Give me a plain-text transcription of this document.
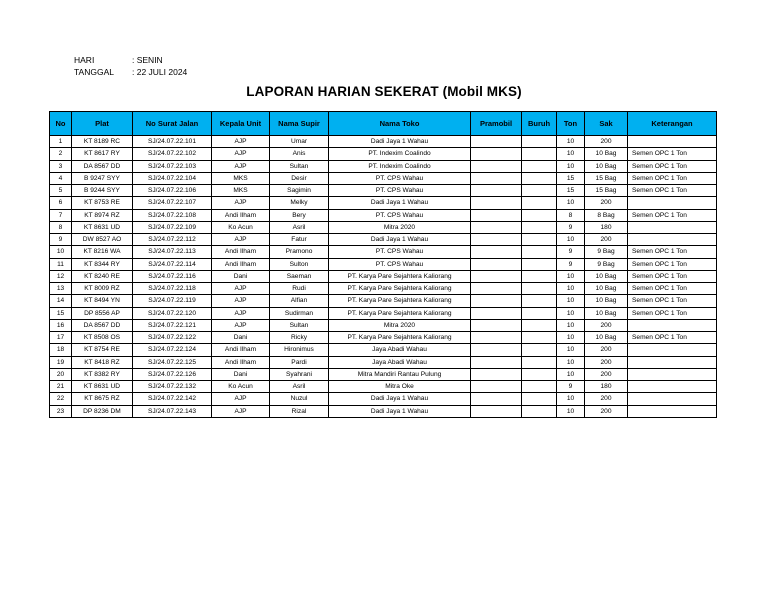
HARI	: SENIN
TANGGAL	: 22 JULI 2024
LAPORAN HARIAN SEKERAT (Mobil MKS)
No	Plat	No Surat Jalan	Kepala Unit	Nama Supir	Nama Toko	Pramobil	Buruh	Ton	Sak	Keterangan
1	KT 8189 RC	SJ/24.07.22.101	AJP	Umar	Dadi Jaya 1 Wahau			10	200	
2	KT 8617 RY	SJ/24.07.22.102	AJP	Anis	PT. Indexim Coalindo			10	10 Bag	Semen OPC 1 Ton
3	DA 8567 DD	SJ/24.07.22.103	AJP	Sultan	PT. Indexim Coalindo			10	10 Bag	Semen OPC 1 Ton
4	B 9247 SYY	SJ/24.07.22.104	MKS	Desir	PT. CPS Wahau			15	15 Bag	Semen OPC 1 Ton
5	B 9244 SYY	SJ/24.07.22.106	MKS	Sagimin	PT. CPS Wahau			15	15 Bag	Semen OPC 1 Ton
6	KT 8753 RE	SJ/24.07.22.107	AJP	Melky	Dadi Jaya 1 Wahau			10	200	
7	KT 8974 RZ	SJ/24.07.22.108	Andi Ilham	Bery	PT. CPS Wahau			8	8 Bag	Semen OPC 1 Ton
8	KT 8631 UD	SJ/24.07.22.109	Ko Acun	Asril	Mitra 2020			9	180	
9	DW 8527 AO	SJ/24.07.22.112	AJP	Fatur	Dadi Jaya 1 Wahau			10	200	
10	KT 8216 WA	SJ/24.07.22.113	Andi Ilham	Pramono	PT. CPS Wahau			9	9 Bag	Semen OPC 1 Ton
11	KT 8344 RY	SJ/24.07.22.114	Andi Ilham	Sulton	PT. CPS Wahau			9	9 Bag	Semen OPC 1 Ton
12	KT 8240 RE	SJ/24.07.22.116	Dani	Saeman	PT. Karya Pare Sejahtera Kaliorang			10	10 Bag	Semen OPC 1 Ton
13	KT 8009 RZ	SJ/24.07.22.118	AJP	Rudi	PT. Karya Pare Sejahtera Kaliorang			10	10 Bag	Semen OPC 1 Ton
14	KT 8494 YN	SJ/24.07.22.119	AJP	Alfian	PT. Karya Pare Sejahtera Kaliorang			10	10 Bag	Semen OPC 1 Ton
15	DP 8556 AP	SJ/24.07.22.120	AJP	Sudirman	PT. Karya Pare Sejahtera Kaliorang			10	10 Bag	Semen OPC 1 Ton
16	DA 8567 DD	SJ/24.07.22.121	AJP	Sultan	Mitra 2020			10	200	
17	KT 8508 OS	SJ/24.07.22.122	Dani	Ricky	PT. Karya Pare Sejahtera Kaliorang			10	10 Bag	Semen OPC 1 Ton
18	KT 8754 RE	SJ/24.07.22.124	Andi Ilham	Hironimus	Jaya Abadi Wahau			10	200	
19	KT 8418 RZ	SJ/24.07.22.125	Andi Ilham	Pardi	Jaya Abadi Wahau			10	200	
20	KT 8382 RY	SJ/24.07.22.126	Dani	Syahrani	Mitra Mandiri Rantau Pulung			10	200	
21	KT 8631 UD	SJ/24.07.22.132	Ko Acun	Asril	Mitra Oke			9	180	
22	KT 8675 RZ	SJ/24.07.22.142	AJP	Nuzul	Dadi Jaya 1 Wahau			10	200	
23	DP 8236 DM	SJ/24.07.22.143	AJP	Rizal	Dadi Jaya 1 Wahau			10	200	
